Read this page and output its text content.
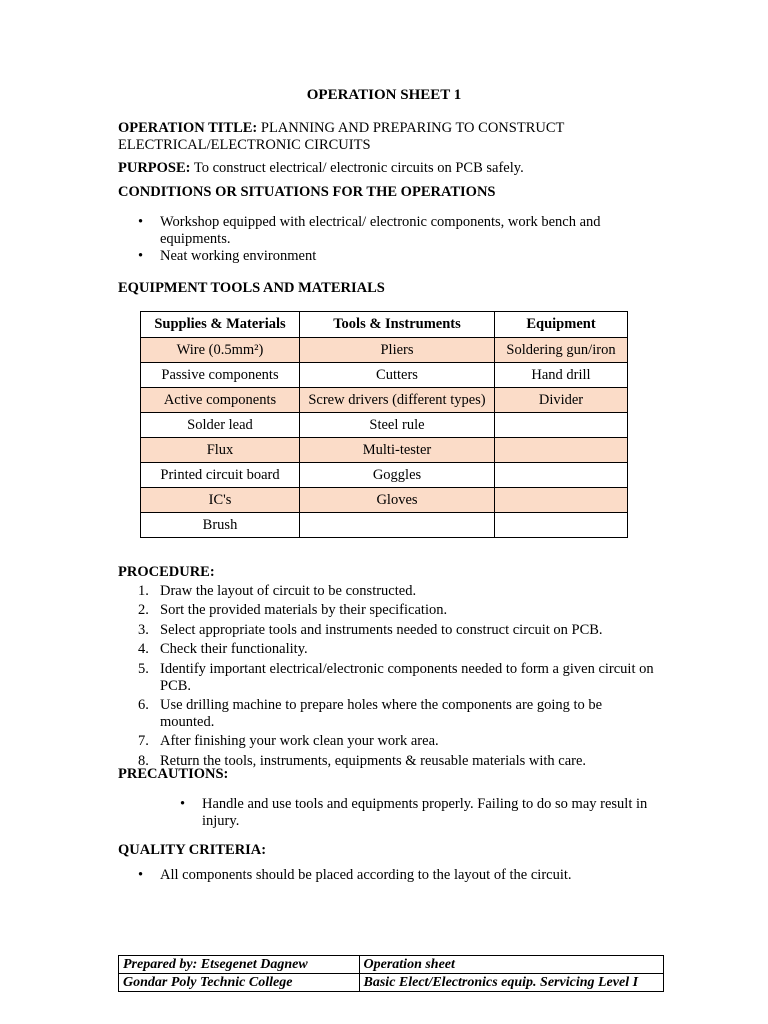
OPERATION SHEET 1
OPERATION TITLE: PLANNING AND PREPARING TO CONSTRUCT
ELECTRICAL/ELECTRONIC CIRCUITS
PURPOSE: To construct electrical/ electronic circuits on PCB safely.
CONDITIONS OR SITUATIONS FOR THE OPERATIONS
• Workshop equipped with electrical/ electronic components, work bench and equipments.
• Neat working environment
EQUIPMENT TOOLS AND MATERIALS
Supplies & Materials	Tools & Instruments	Equipment
Wire (0.5mm²)	Pliers	Soldering gun/iron
Passive components	Cutters	Hand drill
Active components	Screw drivers (different types)	Divider
Solder lead	Steel rule	
Flux	Multi-tester	
Printed circuit board	Goggles	
IC's	Gloves	
Brush		
PROCEDURE:
1. Draw the layout of circuit to be constructed.
2. Sort the provided materials by their specification.
3. Select appropriate tools and instruments needed to construct circuit on PCB.
4. Check their functionality.
5. Identify important electrical/electronic components needed to form a given circuit on PCB.
6. Use drilling machine to prepare holes where the components are going to be mounted.
7. After finishing your work clean your work area.
8. Return the tools, instruments, equipments & reusable materials with care.
PRECAUTIONS:
• Handle and use tools and equipments properly. Failing to do so may result in injury.
QUALITY CRITERIA:
• All components should be placed according to the layout of the circuit.
Prepared by: Etsegenet Dagnew	Operation sheet
Gondar Poly Technic College	Basic Elect/Electronics equip. Servicing Level I
